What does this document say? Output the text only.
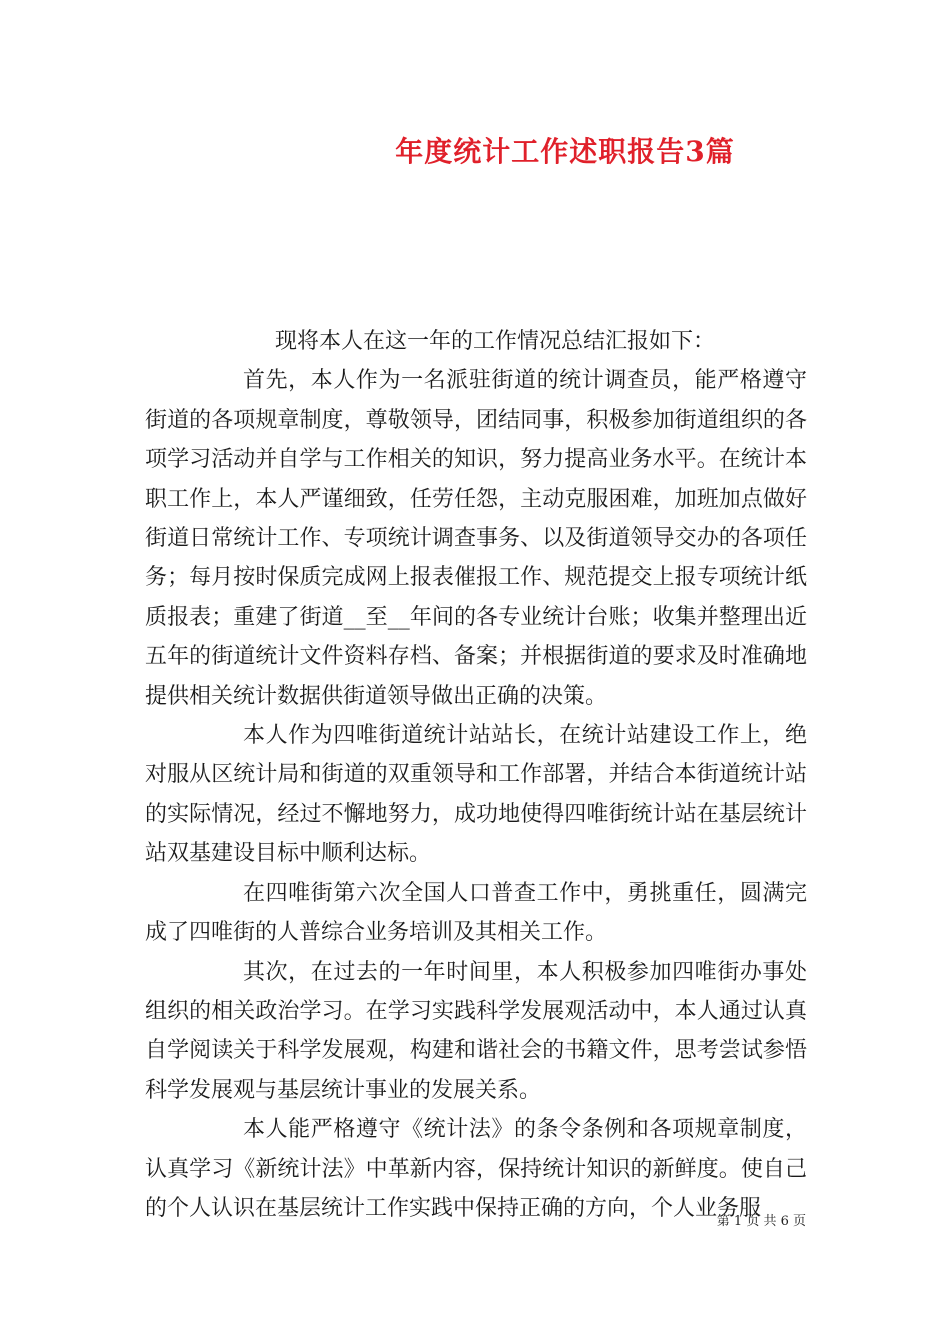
年度统计工作述职报告3篇

现将本人在这一年的工作情况总结汇报如下：

首先，本人作为一名派驻街道的统计调查员，能严格遵守街道的各项规章制度，尊敬领导，团结同事，积极参加街道组织的各项学习活动并自学与工作相关的知识，努力提高业务水平。在统计本职工作上，本人严谨细致，任劳任怨，主动克服困难，加班加点做好街道日常统计工作、专项统计调查事务、以及街道领导交办的各项任务；每月按时保质完成网上报表催报工作、规范提交上报专项统计纸质报表；重建了街道__至__年间的各专业统计台账；收集并整理出近五年的街道统计文件资料存档、备案；并根据街道的要求及时准确地提供相关统计数据供街道领导做出正确的决策。

本人作为四唯街道统计站站长，在统计站建设工作上，绝对服从区统计局和街道的双重领导和工作部署，并结合本街道统计站的实际情况，经过不懈地努力，成功地使得四唯街统计站在基层统计站双基建设目标中顺利达标。

在四唯街第六次全国人口普查工作中，勇挑重任，圆满完成了四唯街的人普综合业务培训及其相关工作。

其次，在过去的一年时间里，本人积极参加四唯街办事处组织的相关政治学习。在学习实践科学发展观活动中，本人通过认真自学阅读关于科学发展观，构建和谐社会的书籍文件，思考尝试参悟科学发展观与基层统计事业的发展关系。

本人能严格遵守《统计法》的条令条例和各项规章制度，认真学习《新统计法》中革新内容，保持统计知识的新鲜度。使自己的个人认识在基层统计工作实践中保持正确的方向，个人业务服

第 1 页 共 6 页
